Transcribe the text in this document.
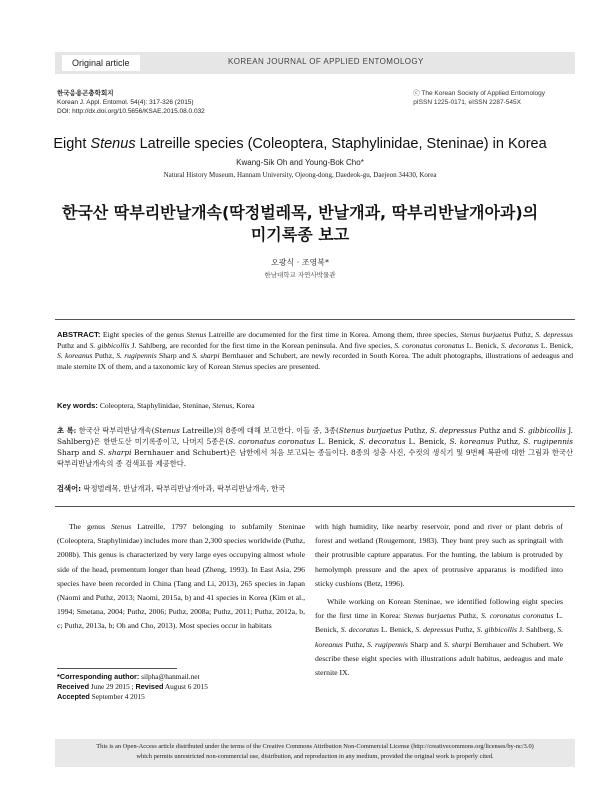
Original article	KOREAN JOURNAL OF APPLIED ENTOMOLOGY
한국응용곤충학회지
Korean J. Appl. Entomol. 54(4): 317-326 (2015)
DOI: http://dx.doi.org/10.5656/KSAE.2015.08.0.032
ⓒ The Korean Society of Applied Entomology
pISSN 1225-0171, eISSN 2287-545X
Eight Stenus Latreille species (Coleoptera, Staphylinidae, Steninae) in Korea
Kwang-Sik Oh and Young-Bok Cho*
Natural History Museum, Hannam University, Ojeong-dong, Daedeok-gu, Daejeon 34430, Korea
한국산 딱부리반날개속(딱정벌레목, 반날개과, 딱부리반날개아과)의
미기록종 보고
오광식 · 조영복*
한남대학교 자연사박물관
ABSTRACT: Eight species of the genus Stenus Latreille are documented for the first time in Korea. Among them, three species, Stenus burjaetus Puthz, S. depressus Puthz and S. gibbicollis J. Sahlberg, are recorded for the first time in the Korean peninsula. And five species, S. coronatus coronatus L. Benick, S. decoratus L. Benick, S. koreanus Puthz, S. rugipennis Sharp and S. sharpi Bernhauer and Schubert, are newly recorded in South Korea. The adult photographs, illustrations of aedeagus and male sternite IX of them, and a taxonomic key of Korean Stenus species are presented.
Key words: Coleoptera, Staphylinidae, Steninae, Stenus, Korea
초 록: 한국산 딱부리반날개속(Stenus Latreille)의 8종에 대해 보고한다. 이들 중, 3종(Stenus burjaetus Puthz, S. depressus Puthz and S. gibbicollis J. Sahlberg)은 한반도산 미기록종이고, 나머지 5종은(S. coronatus coronatus L. Benick, S. decoratus L. Benick, S. koreanus Puthz, S. rugipennis Sharp and S. sharpi Bernhauer and Schubert)은 남한에서 처음 보고되는 종들이다. 8종의 성충 사진, 수컷의 생식기 및 9번째 복판에 대한 그림과 한국산 딱부리반날개속의 종 검색표를 제공한다.
검색어: 딱정벌레목, 반날개과, 딱부리반날개아과, 딱부리반날개속, 한국

The genus Stenus Latreille, 1797 belonging to subfamily Steninae (Coleoptera, Staphylinidae) includes more than 2,300 species worldwide (Puthz, 2008b). This genus is characterized by very large eyes occupying almost whole side of the head, prementum longer than head (Zheng, 1993). In East Asia, 296 species have been recorded in China (Tang and Li, 2013), 265 species in Japan (Naomi and Puthz, 2013; Naomi, 2015a, b) and 41 species in Korea (Kim et al., 1994; Smetana, 2004; Puthz, 2006; Puthz, 2008a; Puthz, 2011; Puthz, 2012a, b, c; Puthz, 2013a, b; Oh and Cho, 2013). Most species occur in habitats

with high humidity, like nearby reservoir, pond and river or plant debris of forest and wetland (Rougemont, 1983). They hunt prey such as springtail with their protrusible capture apparatus. For the hunting, the labium is protruded by hemolymph pressure and the apex of protrusive apparatus is modified into sticky cushions (Betz, 1996).

While working on Korean Steninae, we identified following eight species for the first time in Korea: Stenus burjaetus Puthz, S. coronatus coronatus L. Benick, S. decoratus L. Benick, S. depressus Puthz, S. gibbicollis J. Sahlberg, S. koreanus Puthz, S. rugipennis Sharp and S. sharpi Bernhauer and Schubert. We describe these eight species with illustrations adult habitus, aedeagus and male sternite IX.

*Corresponding author: silpha@hanmail.net
Received June 29 2015 ; Revised August 6 2015
Accepted September 4 2015
This is an Open-Access article distributed under the terms of the Creative Commons Attribution Non-Commercial License (http://creativecommons.org/licenses/by-nc/3.0)
which permits unrestricted non-commercial use, distribution, and reproduction in any medium, provided the original work is properly cited.
